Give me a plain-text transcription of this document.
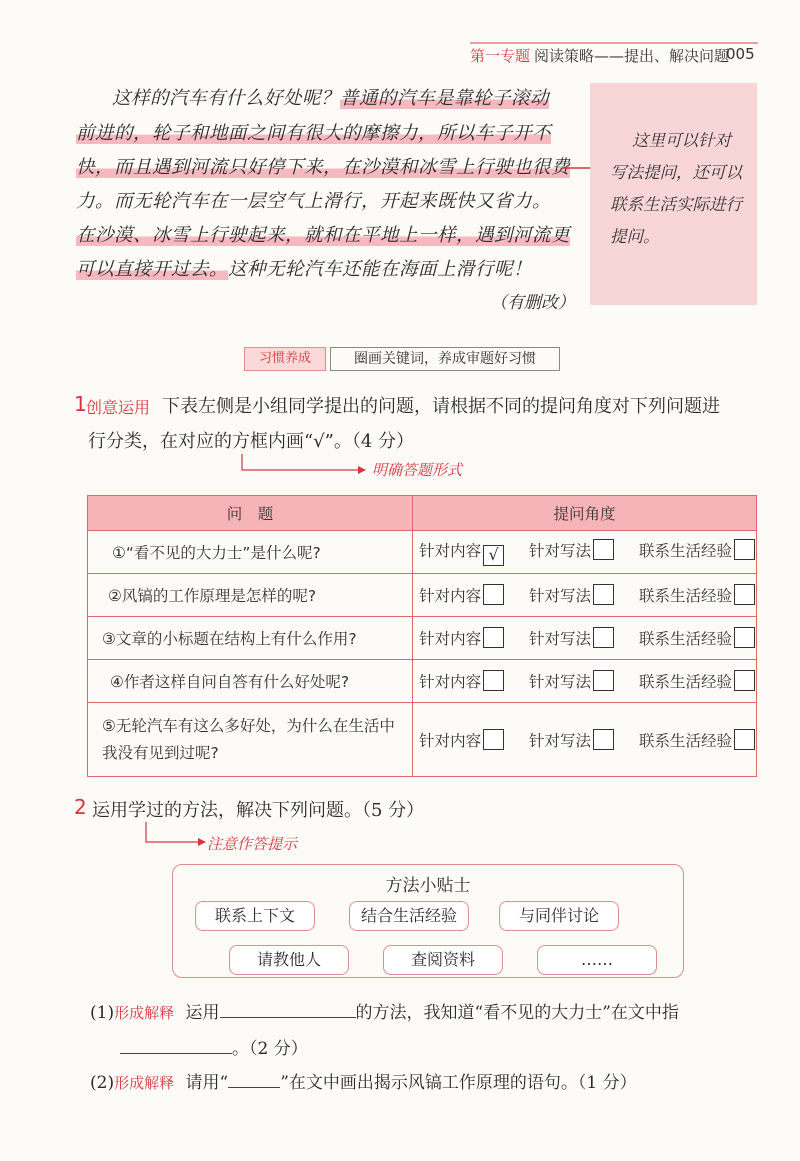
第一专题 阅读策略——提出、解决问题
005
这样的汽车有什么好处呢？普通的汽车是靠轮子滚动
前进的，轮子和地面之间有很大的摩擦力，所以车子开不
快，而且遇到河流只好停下来，在沙漠和冰雪上行驶也很费
力。而无轮汽车在一层空气上滑行，开起来既快又省力。
在沙漠、冰雪上行驶起来，就和在平地上一样，遇到河流更
可以直接开过去。这种无轮汽车还能在海面上滑行呢！
（有删改）
这里可以针对
写法提问，还可以
联系生活实际进行
提问。
习惯养成	圈画关键词，养成审题好习惯
1 创意运用 下表左侧是小组同学提出的问题，请根据不同的提问角度对下列问题进
行分类，在对应的方框内画“√”。（4 分）
明确答题形式
问　题	提问角度
①“看不见的大力士”是什么呢?	针对内容 √ 针对写法 联系生活经验
②风镐的工作原理是怎样的呢?	针对内容 针对写法 联系生活经验
③文章的小标题在结构上有什么作用?	针对内容 针对写法 联系生活经验
④作者这样自问自答有什么好处呢?	针对内容 针对写法 联系生活经验
⑤无轮汽车有这么多好处，为什么在生活中我没有见到过呢?	针对内容 针对写法 联系生活经验
2 运用学过的方法，解决下列问题。（5 分）
注意作答提示
方法小贴士
联系上下文	结合生活经验	与同伴讨论
请教他人	查阅资料	……
(1)形成解释 运用	的方法，我知道“看不见的大力士”在文中指
。（2 分）
(2)形成解释 请用“	”在文中画出揭示风镐工作原理的语句。（1 分）
